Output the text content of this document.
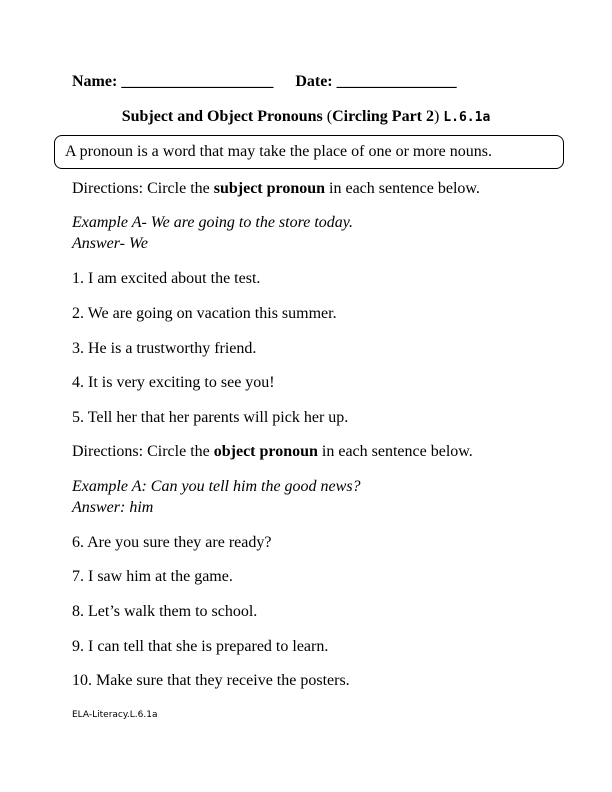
Name: ___________________ Date: _______________
Subject and Object Pronouns (Circling Part 2) L.6.1a
A pronoun is a word that may take the place of one or more nouns.
Directions: Circle the subject pronoun in each sentence below.
Example A- We are going to the store today.
Answer- We
1. I am excited about the test.
2. We are going on vacation this summer.
3. He is a trustworthy friend.
4. It is very exciting to see you!
5. Tell her that her parents will pick her up.
Directions: Circle the object pronoun in each sentence below.
Example A: Can you tell him the good news?
Answer: him
6. Are you sure they are ready?
7. I saw him at the game.
8. Let’s walk them to school.
9. I can tell that she is prepared to learn.
10. Make sure that they receive the posters.
ELA-Literacy.L.6.1a
